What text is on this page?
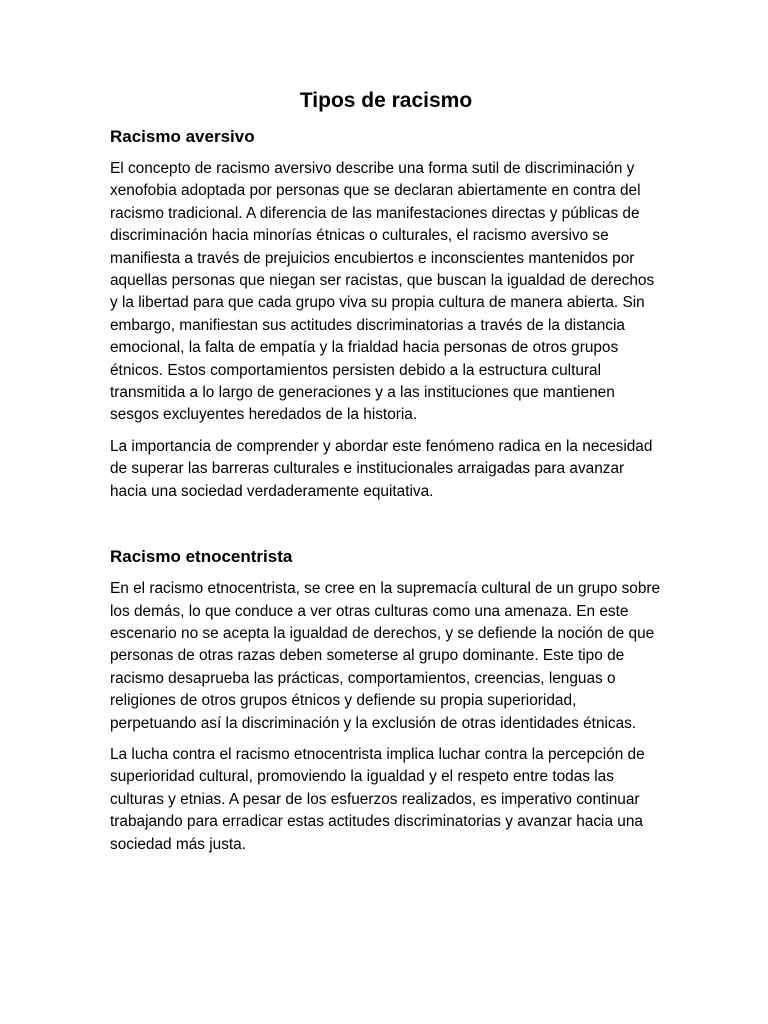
Tipos de racismo
Racismo aversivo

El concepto de racismo aversivo describe una forma sutil de discriminación y xenofobia adoptada por personas que se declaran abiertamente en contra del racismo tradicional. A diferencia de las manifestaciones directas y públicas de discriminación hacia minorías étnicas o culturales, el racismo aversivo se manifiesta a través de prejuicios encubiertos e inconscientes mantenidos por aquellas personas que niegan ser racistas, que buscan la igualdad de derechos y la libertad para que cada grupo viva su propia cultura de manera abierta. Sin embargo, manifiestan sus actitudes discriminatorias a través de la distancia emocional, la falta de empatía y la frialdad hacia personas de otros grupos étnicos. Estos comportamientos persisten debido a la estructura cultural transmitida a lo largo de generaciones y a las instituciones que mantienen sesgos excluyentes heredados de la historia.

La importancia de comprender y abordar este fenómeno radica en la necesidad de superar las barreras culturales e institucionales arraigadas para avanzar hacia una sociedad verdaderamente equitativa.

Racismo etnocentrista

En el racismo etnocentrista, se cree en la supremacía cultural de un grupo sobre los demás, lo que conduce a ver otras culturas como una amenaza. En este escenario no se acepta la igualdad de derechos, y se defiende la noción de que personas de otras razas deben someterse al grupo dominante. Este tipo de racismo desaprueba las prácticas, comportamientos, creencias, lenguas o religiones de otros grupos étnicos y defiende su propia superioridad, perpetuando así la discriminación y la exclusión de otras identidades étnicas.

La lucha contra el racismo etnocentrista implica luchar contra la percepción de superioridad cultural, promoviendo la igualdad y el respeto entre todas las culturas y etnias. A pesar de los esfuerzos realizados, es imperativo continuar trabajando para erradicar estas actitudes discriminatorias y avanzar hacia una sociedad más justa.
